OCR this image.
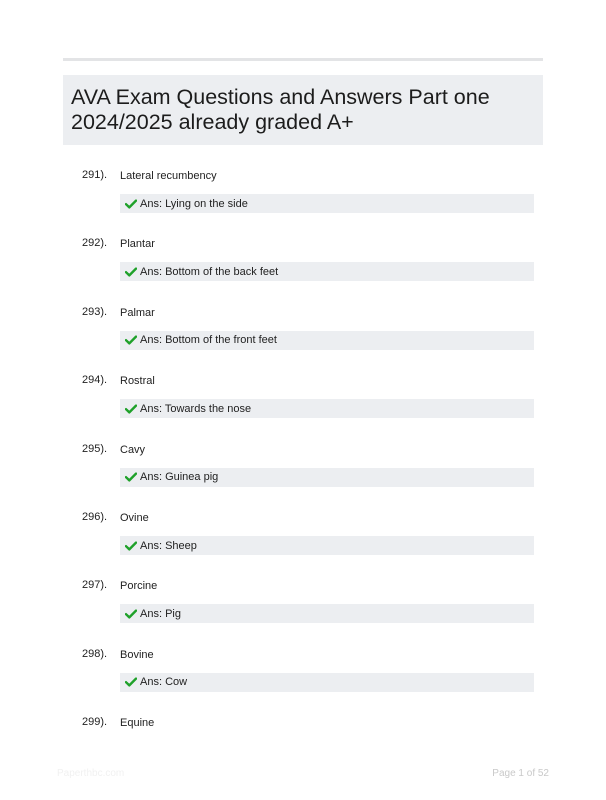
AVA Exam Questions and Answers Part one 2024/2025 already graded A+
291). Lateral recumbency
Ans: Lying on the side
292). Plantar
Ans: Bottom of the back feet
293). Palmar
Ans: Bottom of the front feet
294). Rostral
Ans: Towards the nose
295). Cavy
Ans: Guinea pig
296). Ovine
Ans: Sheep
297). Porcine
Ans: Pig
298). Bovine
Ans: Cow
299). Equine
Paperthbc.com	Page 1 of 52
